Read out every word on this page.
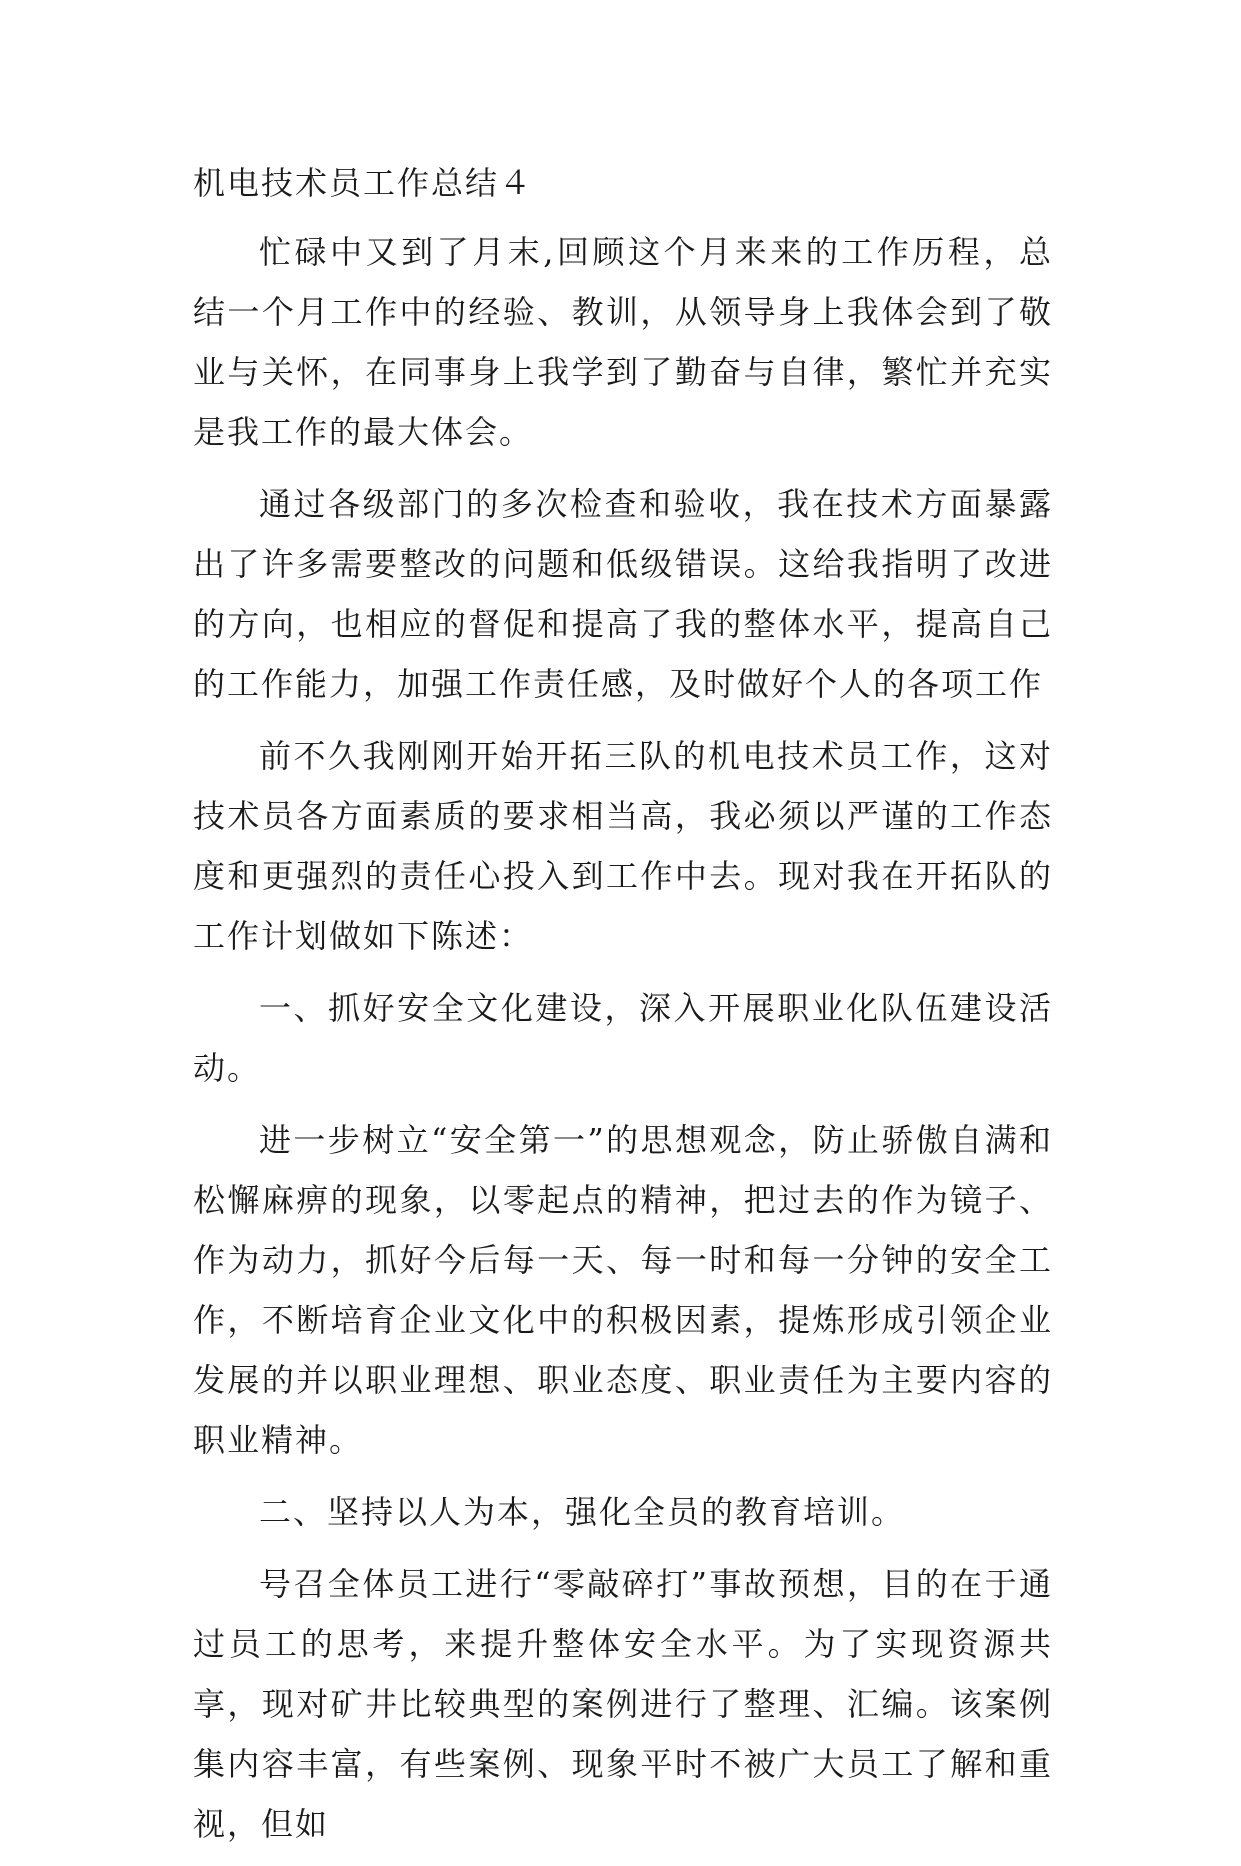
机电技术员工作总结４

忙碌中又到了月末,回顾这个月来来的工作历程，总结一个月工作中的经验、教训，从领导身上我体会到了敬业与关怀，在同事身上我学到了勤奋与自律，繁忙并充实是我工作的最大体会。

通过各级部门的多次检查和验收，我在技术方面暴露出了许多需要整改的问题和低级错误。这给我指明了改进的方向，也相应的督促和提高了我的整体水平，提高自己的工作能力，加强工作责任感，及时做好个人的各项工作

前不久我刚刚开始开拓三队的机电技术员工作，这对技术员各方面素质的要求相当高，我必须以严谨的工作态度和更强烈的责任心投入到工作中去。现对我在开拓队的工作计划做如下陈述：

一、抓好安全文化建设，深入开展职业化队伍建设活动。

进一步树立“安全第一”的思想观念，防止骄傲自满和松懈麻痹的现象，以零起点的精神，把过去的作为镜子、作为动力，抓好今后每一天、每一时和每一分钟的安全工作，不断培育企业文化中的积极因素，提炼形成引领企业发展的并以职业理想、职业态度、职业责任为主要内容的职业精神。

二、坚持以人为本，强化全员的教育培训。

号召全体员工进行“零敲碎打”事故预想，目的在于通过员工的思考，来提升整体安全水平。为了实现资源共享，现对矿井比较典型的案例进行了整理、汇编。该案例集内容丰富，有些案例、现象平时不被广大员工了解和重视，但如
